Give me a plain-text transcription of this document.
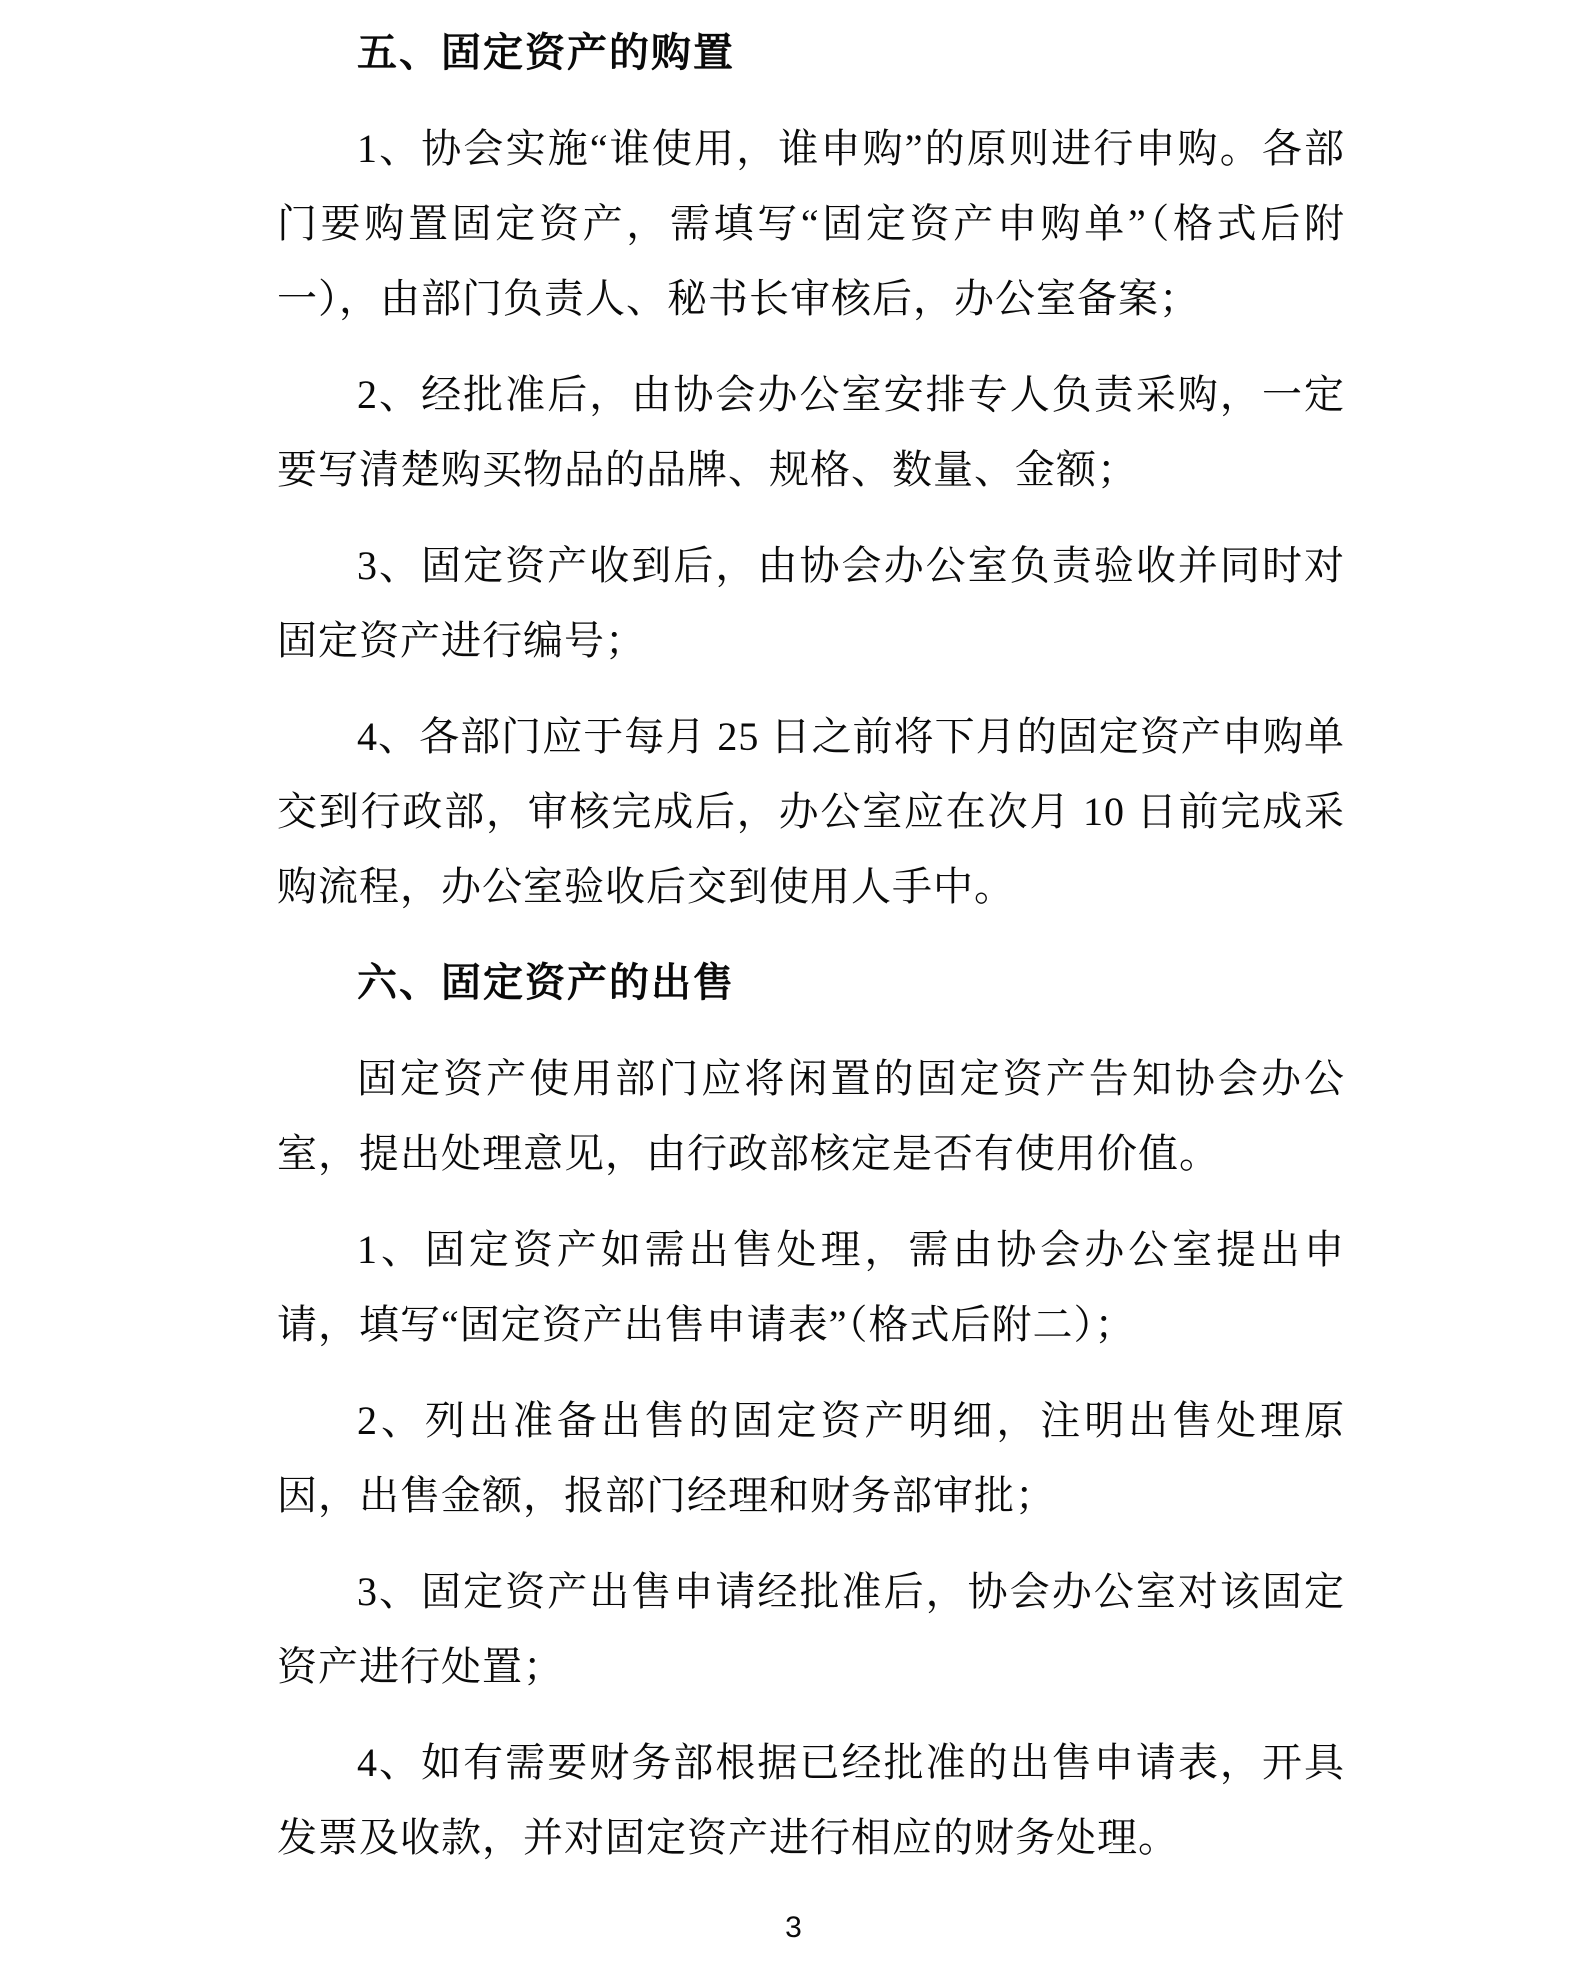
五、固定资产的购置

1、协会实施“谁使用，谁申购”的原则进行申购。各部门要购置固定资产，需填写“固定资产申购单”（格式后附一），由部门负责人、秘书长审核后，办公室备案；

2、经批准后，由协会办公室安排专人负责采购，一定要写清楚购买物品的品牌、规格、数量、金额；

3、固定资产收到后，由协会办公室负责验收并同时对固定资产进行编号；

4、各部门应于每月 25 日之前将下月的固定资产申购单交到行政部，审核完成后，办公室应在次月 10 日前完成采购流程，办公室验收后交到使用人手中。

六、固定资产的出售

固定资产使用部门应将闲置的固定资产告知协会办公室，提出处理意见，由行政部核定是否有使用价值。

1、固定资产如需出售处理，需由协会办公室提出申请，填写“固定资产出售申请表”（格式后附二）；

2、列出准备出售的固定资产明细，注明出售处理原因，出售金额，报部门经理和财务部审批；

3、固定资产出售申请经批准后，协会办公室对该固定资产进行处置；

4、如有需要财务部根据已经批准的出售申请表，开具发票及收款，并对固定资产进行相应的财务处理。

3
